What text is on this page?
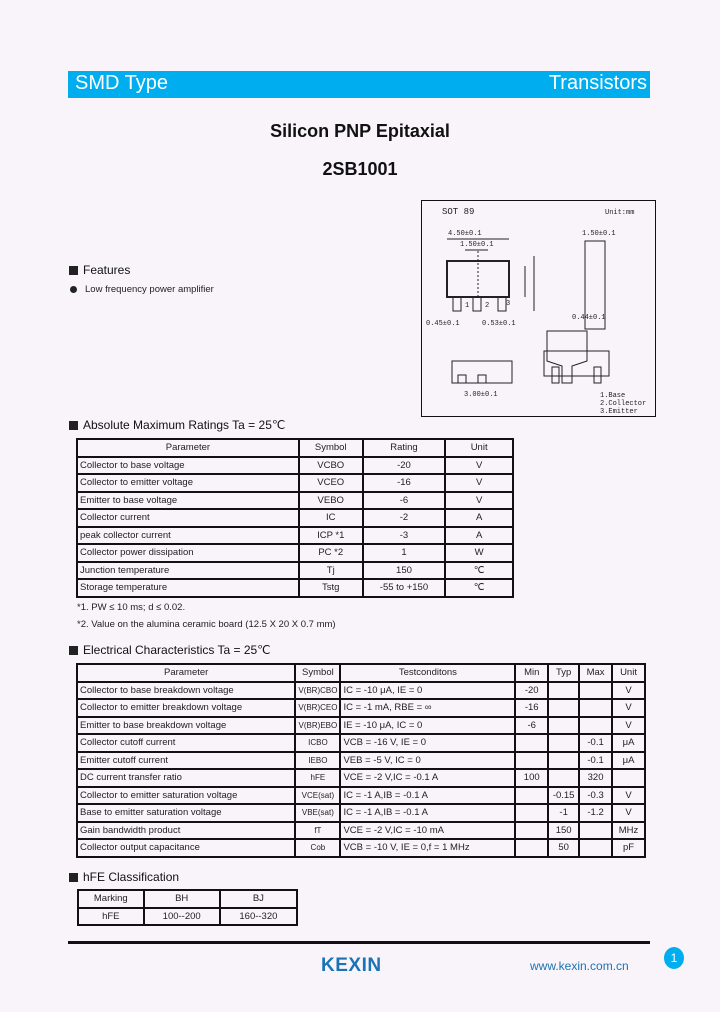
SMD Type	Transistors
Silicon PNP Epitaxial
2SB1001
SOT 89	Unit:mm
4.50±0.1
1.50±0.1
1 2 3
0.45±0.1	0.53±0.1
1.50±0.1
0.44±0.1
3.00±0.1	1.Base
2.Collector
3.Emitter
Features
Low frequency power amplifier
Absolute Maximum Ratings Ta = 25℃
Parameter	Symbol	Rating	Unit
Collector to base voltage	VCBO	-20	V
Collector to emitter voltage	VCEO	-16	V
Emitter to base voltage	VEBO	-6	V
Collector current	IC	-2	A
peak collector current	ICP *1	-3	A
Collector power dissipation	PC *2	1	W
Junction temperature	Tj	150	℃
Storage temperature	Tstg	-55 to +150	℃
*1. PW ≤ 10 ms; d ≤ 0.02.
*2. Value on the alumina ceramic board (12.5 X 20 X 0.7 mm)
Electrical Characteristics Ta = 25℃
Parameter	Symbol	Testconditons	Min	Typ	Max	Unit
Collector to base breakdown voltage	V(BR)CBO	IC = -10 μA, IE = 0	-20			V
Collector to emitter breakdown voltage	V(BR)CEO	IC = -1 mA, RBE = ∞	-16			V
Emitter to base breakdown voltage	V(BR)EBO	IE = -10 μA, IC = 0	-6			V
Collector cutoff current	ICBO	VCB = -16 V, IE = 0			-0.1	μA
Emitter cutoff current	IEBO	VEB = -5 V, IC = 0			-0.1	μA
DC current transfer ratio	hFE	VCE = -2 V,IC = -0.1 A	100		320	
Collector to emitter saturation voltage	VCE(sat)	IC = -1 A,IB = -0.1 A		-0.15	-0.3	V
Base to emitter saturation voltage	VBE(sat)	IC = -1 A,IB = -0.1 A		-1	-1.2	V
Gain bandwidth product	fT	VCE = -2 V,IC = -10 mA		150		MHz
Collector output capacitance	Cob	VCB = -10 V, IE = 0,f = 1 MHz		50		pF
hFE Classification
Marking	BH	BJ
hFE	100--200	160--320
KEXIN	www.kexin.com.cn
1
